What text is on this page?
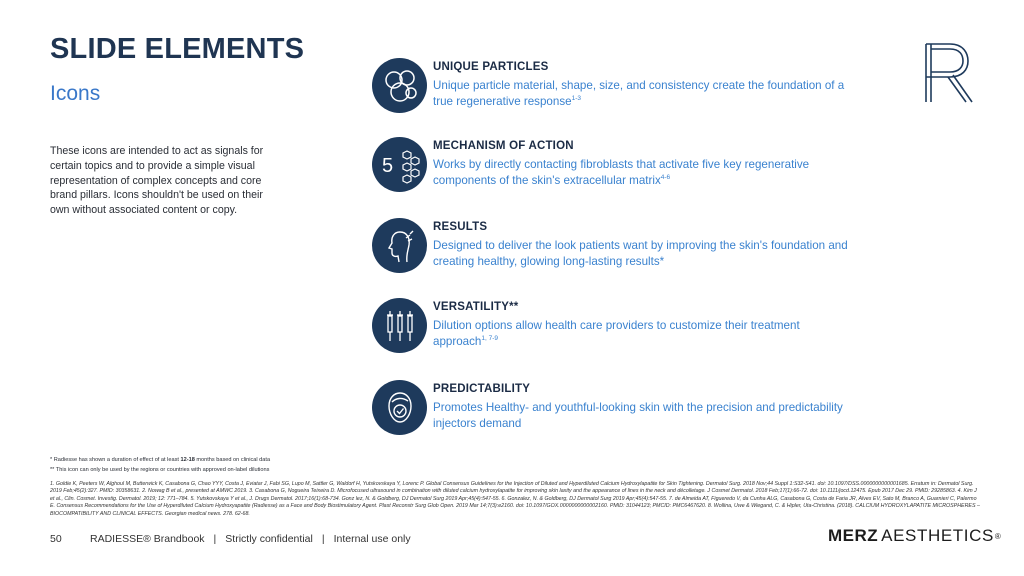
SLIDE ELEMENTS
Icons
These icons are intended to act as signals for certain topics and to provide a simple visual representation of complex concepts and core brand pillars. Icons shouldn't be used on their own without associated content or copy.
UNIQUE PARTICLES
Unique particle material, shape, size, and consistency create the foundation of a true regenerative response$^{1-3}$
5
MECHANISM OF ACTION
Works by directly contacting fibroblasts that activate five key regenerative components of the skin's extracellular matrix$^{4-6}$
RESULTS
Designed to deliver the look patients want by improving the skin's foundation and creating healthy, glowing long-lasting results*
VERSATILITY**
Dilution options allow health care providers to customize their treatment approach$^{1, 7-9}$
PREDICTABILITY
Promotes Healthy- and youthful-looking skin with the precision and predictability injectors demand
* Radiesse has shown a duration of effect of at least 12-18 months based on clinical data
** This icon can only be used by the regions or countries with approved on-label dilutions
1. Goldie K, Peeters W, Alghoul M, Butterwick K, Casabona G, Chao YYY, Costa J, Eviatar J, Fabi SG, Lupo M, Sattler G, Waldorf H, Yutskovskaya Y, Lorenc P. Global Consensus Guidelines for the Injection of Diluted and Hyperdiluted Calcium Hydroxylapatite for Skin Tightening. Dermatol Surg. 2018 Nov;44 Suppl 1:S32-S41. doi: 10.1097/DSS.0000000000001685. Erratum in: Dermatol Surg. 2019 Feb;45(2):327. PMID: 30358631. 2. Nowag B et al., presented at AMWC 2019. 3. Casabona G, Nogueira Teixeira D. Microfocused ultrasound in combination with diluted calcium hydroxylapatite for improving skin laxity and the appearance of lines in the neck and décolletage. J Cosmet Dermatol. 2018 Feb;17(1):66-72. doi: 10.1111/jocd.12475. Epub 2017 Dec 29. PMID: 29285863. 4. Kim J et al., Clin. Cosmet. Investig. Dermatol. 2019; 12: 771–784. 5. Yutskovskaya Y et al., J. Drugs Dermatol. 2017;16(1):68-734. Gonz lez, N. & Goldberg, DJ Dermatol Surg 2019 Apr;45(4):547-55. 6. Gonzalez, N. & Goldberg, DJ Dermatol Surg 2019 Apr;45(4):547-55. 7. de Almeida AT, Figueredo V, da Cunha ALG, Casabona G, Costa de Faria JR, Alves EV, Sato M, Branco A, Guarnieri C, Palermo E. Consensus Recommendations for the Use of Hyperdiluted Calcium Hydroxyapatite (Radiesse) as a Face and Body Biostimulatory Agent. Plast Reconstr Surg Glob Open. 2019 Mar 14;7(3):e2160. doi: 10.1097/GOX.0000000000002160. PMID: 31044123; PMCID: PMC6467620. 8. Wollina, Uwe & Wiegand, C. & Hipler, Uta-Christina. (2018). CALCIUM HYDROXYLAPATITE MICROSPHERES – BIOCOMPATIBILITY AND CLINICAL EFFECTS. Georgian medical news. 278. 62-68.
50	RADIESSE® Brandbook | Strictly confidential | Internal use only	MERZ AESTHETICS ®
